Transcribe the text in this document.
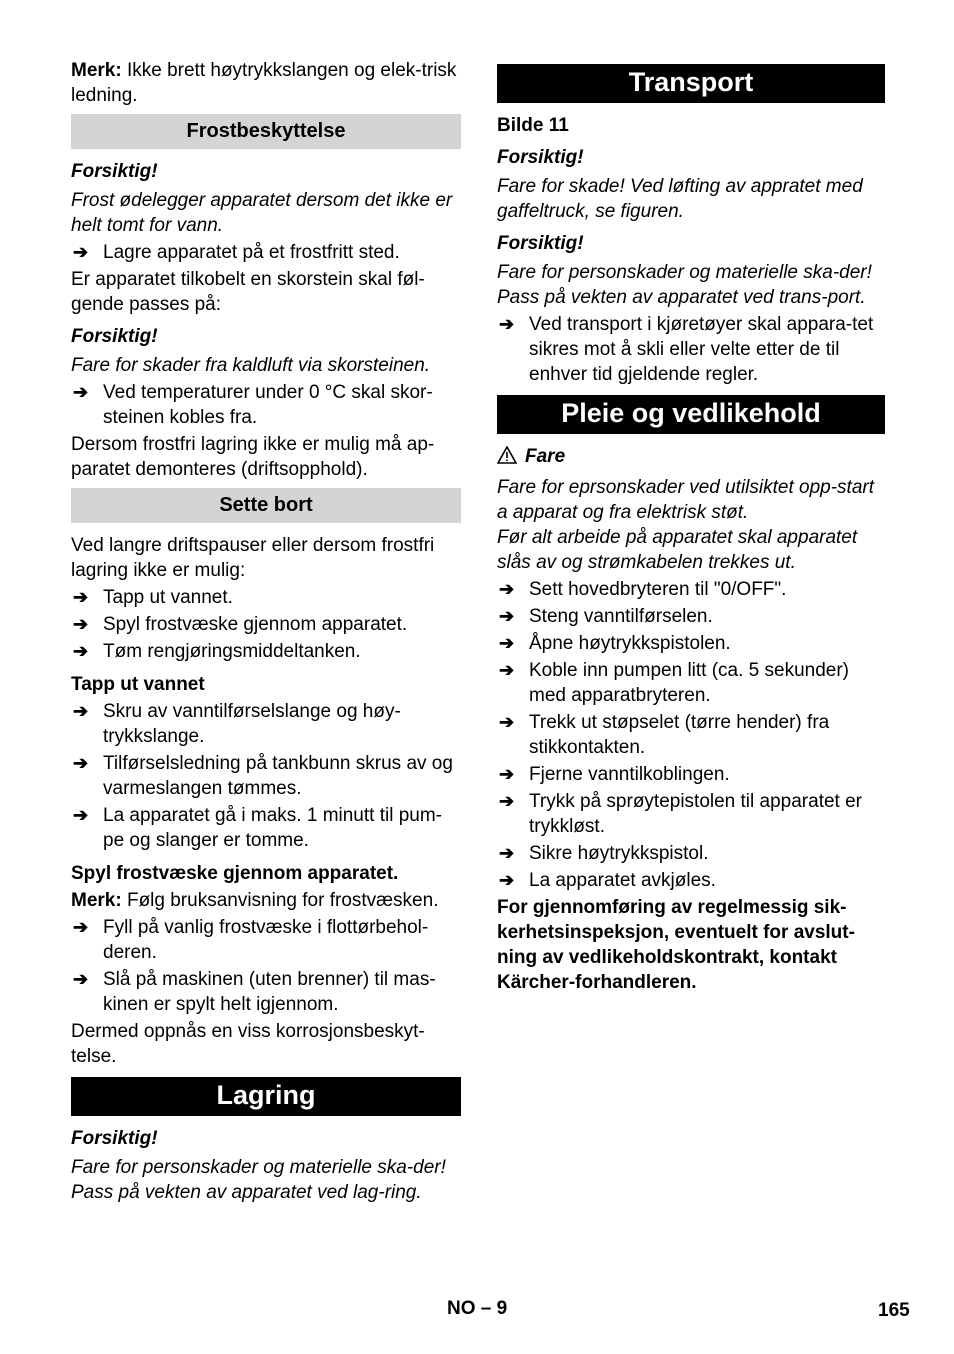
Merk: Ikke brett høytrykkslangen og elek-trisk ledning.

Frostbeskyttelse

Forsiktig!

Frost ødelegger apparatet dersom det ikke er helt tomt for vann.

➔ Lagre apparatet på et frostfritt sted.

Er apparatet tilkobelt en skorstein skal føl-gende passes på:

Forsiktig!

Fare for skader fra kaldluft via skorsteinen.

➔ Ved temperaturer under 0 °C skal skor-steinen kobles fra.

Dersom frostfri lagring ikke er mulig må ap-paratet demonteres (driftsopphold).

Sette bort

Ved langre driftspauser eller dersom frostfri lagring ikke er mulig:

➔ Tapp ut vannet.
➔ Spyl frostvæske gjennom apparatet.
➔ Tøm rengjøringsmiddeltanken.

Tapp ut vannet

➔ Skru av vanntilførselslange og høy-trykkslange.
➔ Tilførselsledning på tankbunn skrus av og varmeslangen tømmes.
➔ La apparatet gå i maks. 1 minutt til pum-pe og slanger er tomme.

Spyl frostvæske gjennom apparatet.

Merk: Følg bruksanvisning for frostvæsken.

➔ Fyll på vanlig frostvæske i flottørbehol-deren.
➔ Slå på maskinen (uten brenner) til mas-kinen er spylt helt igjennom.

Dermed oppnås en viss korrosjonsbeskyt-telse.

Lagring

Forsiktig!

Fare for personskader og materielle ska-der! Pass på vekten av apparatet ved lag-ring.

Transport

Bilde 11

Forsiktig!

Fare for skade! Ved løfting av appratet med gaffeltruck, se figuren.

Forsiktig!

Fare for personskader og materielle ska-der! Pass på vekten av apparatet ved trans-port.

➔ Ved transport i kjøretøyer skal appara-tet sikres mot å skli eller velte etter de til enhver tid gjeldende regler.
Pleie og vedlikehold

Fare

Fare for eprsonskader ved utilsiktet opp-start a apparat og fra elektrisk støt.

Før alt arbeide på apparatet skal apparatet slås av og strømkabelen trekkes ut.

➔ Sett hovedbryteren til "0/OFF".
➔ Steng vanntilførselen.
➔ Åpne høytrykkspistolen.
➔ Koble inn pumpen litt (ca. 5 sekunder) med apparatbryteren.
➔ Trekk ut støpselet (tørre hender) fra stikkontakten.
➔ Fjerne vanntilkoblingen.
➔ Trykk på sprøytepistolen til apparatet er trykkløst.
➔ Sikre høytrykkspistol.
➔ La apparatet avkjøles.

For gjennomføring av regelmessig sik-kerhetsinspeksjon, eventuelt for avslut-ning av vedlikeholdskontrakt, kontakt Kärcher-forhandleren.

NO – 9	165
